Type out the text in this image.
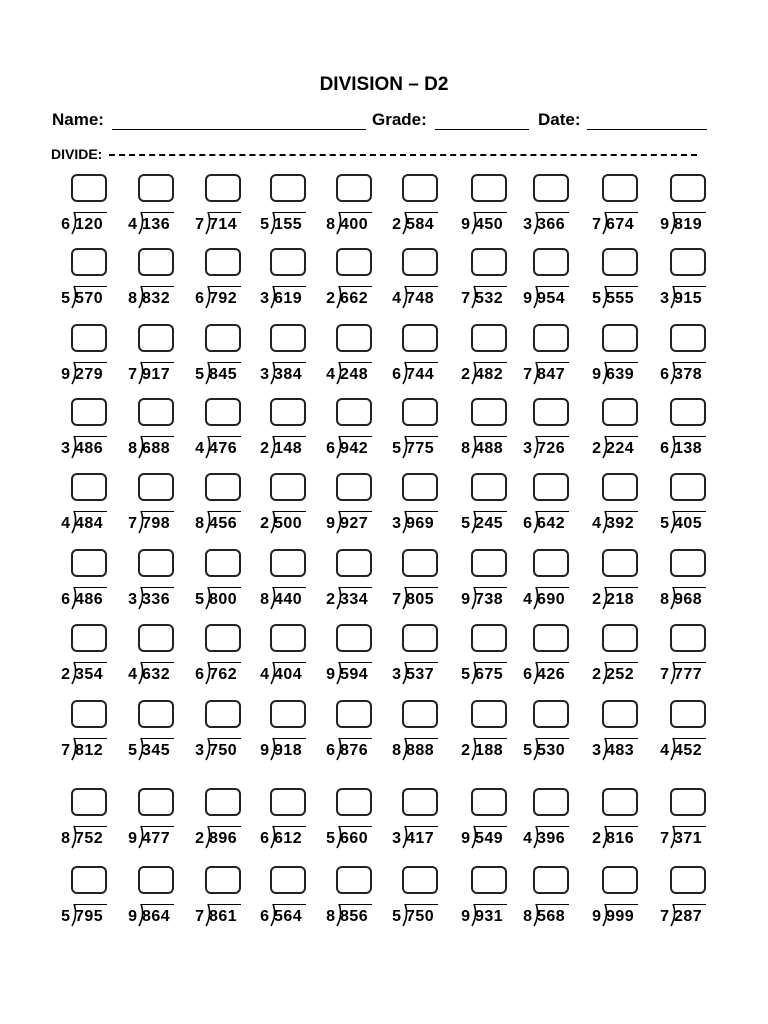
DIVISION – D2
Name:	Grade:	Date:
DIVIDE:
6 120 4 136 7 714 5 155 8 400 2 584 9 450 3 366 7 674 9 819
5 570 8 832 6 792 3 619 2 662 4 748 7 532 9 954 5 555 3 915
9 279 7 917 5 845 3 384 4 248 6 744 2 482 7 847 9 639 6 378
3 486 8 688 4 476 2 148 6 942 5 775 8 488 3 726 2 224 6 138
4 484 7 798 8 456 2 500 9 927 3 969 5 245 6 642 4 392 5 405
6 486 3 336 5 800 8 440 2 334 7 805 9 738 4 690 2 218 8 968
2 354 4 632 6 762 4 404 9 594 3 537 5 675 6 426 2 252 7 777
7 812 5 345 3 750 9 918 6 876 8 888 2 188 5 530 3 483 4 452
8 752 9 477 2 896 6 612 5 660 3 417 9 549 4 396 2 816 7 371
5 795 9 864 7 861 6 564 8 856 5 750 9 931 8 568 9 999 7 287
